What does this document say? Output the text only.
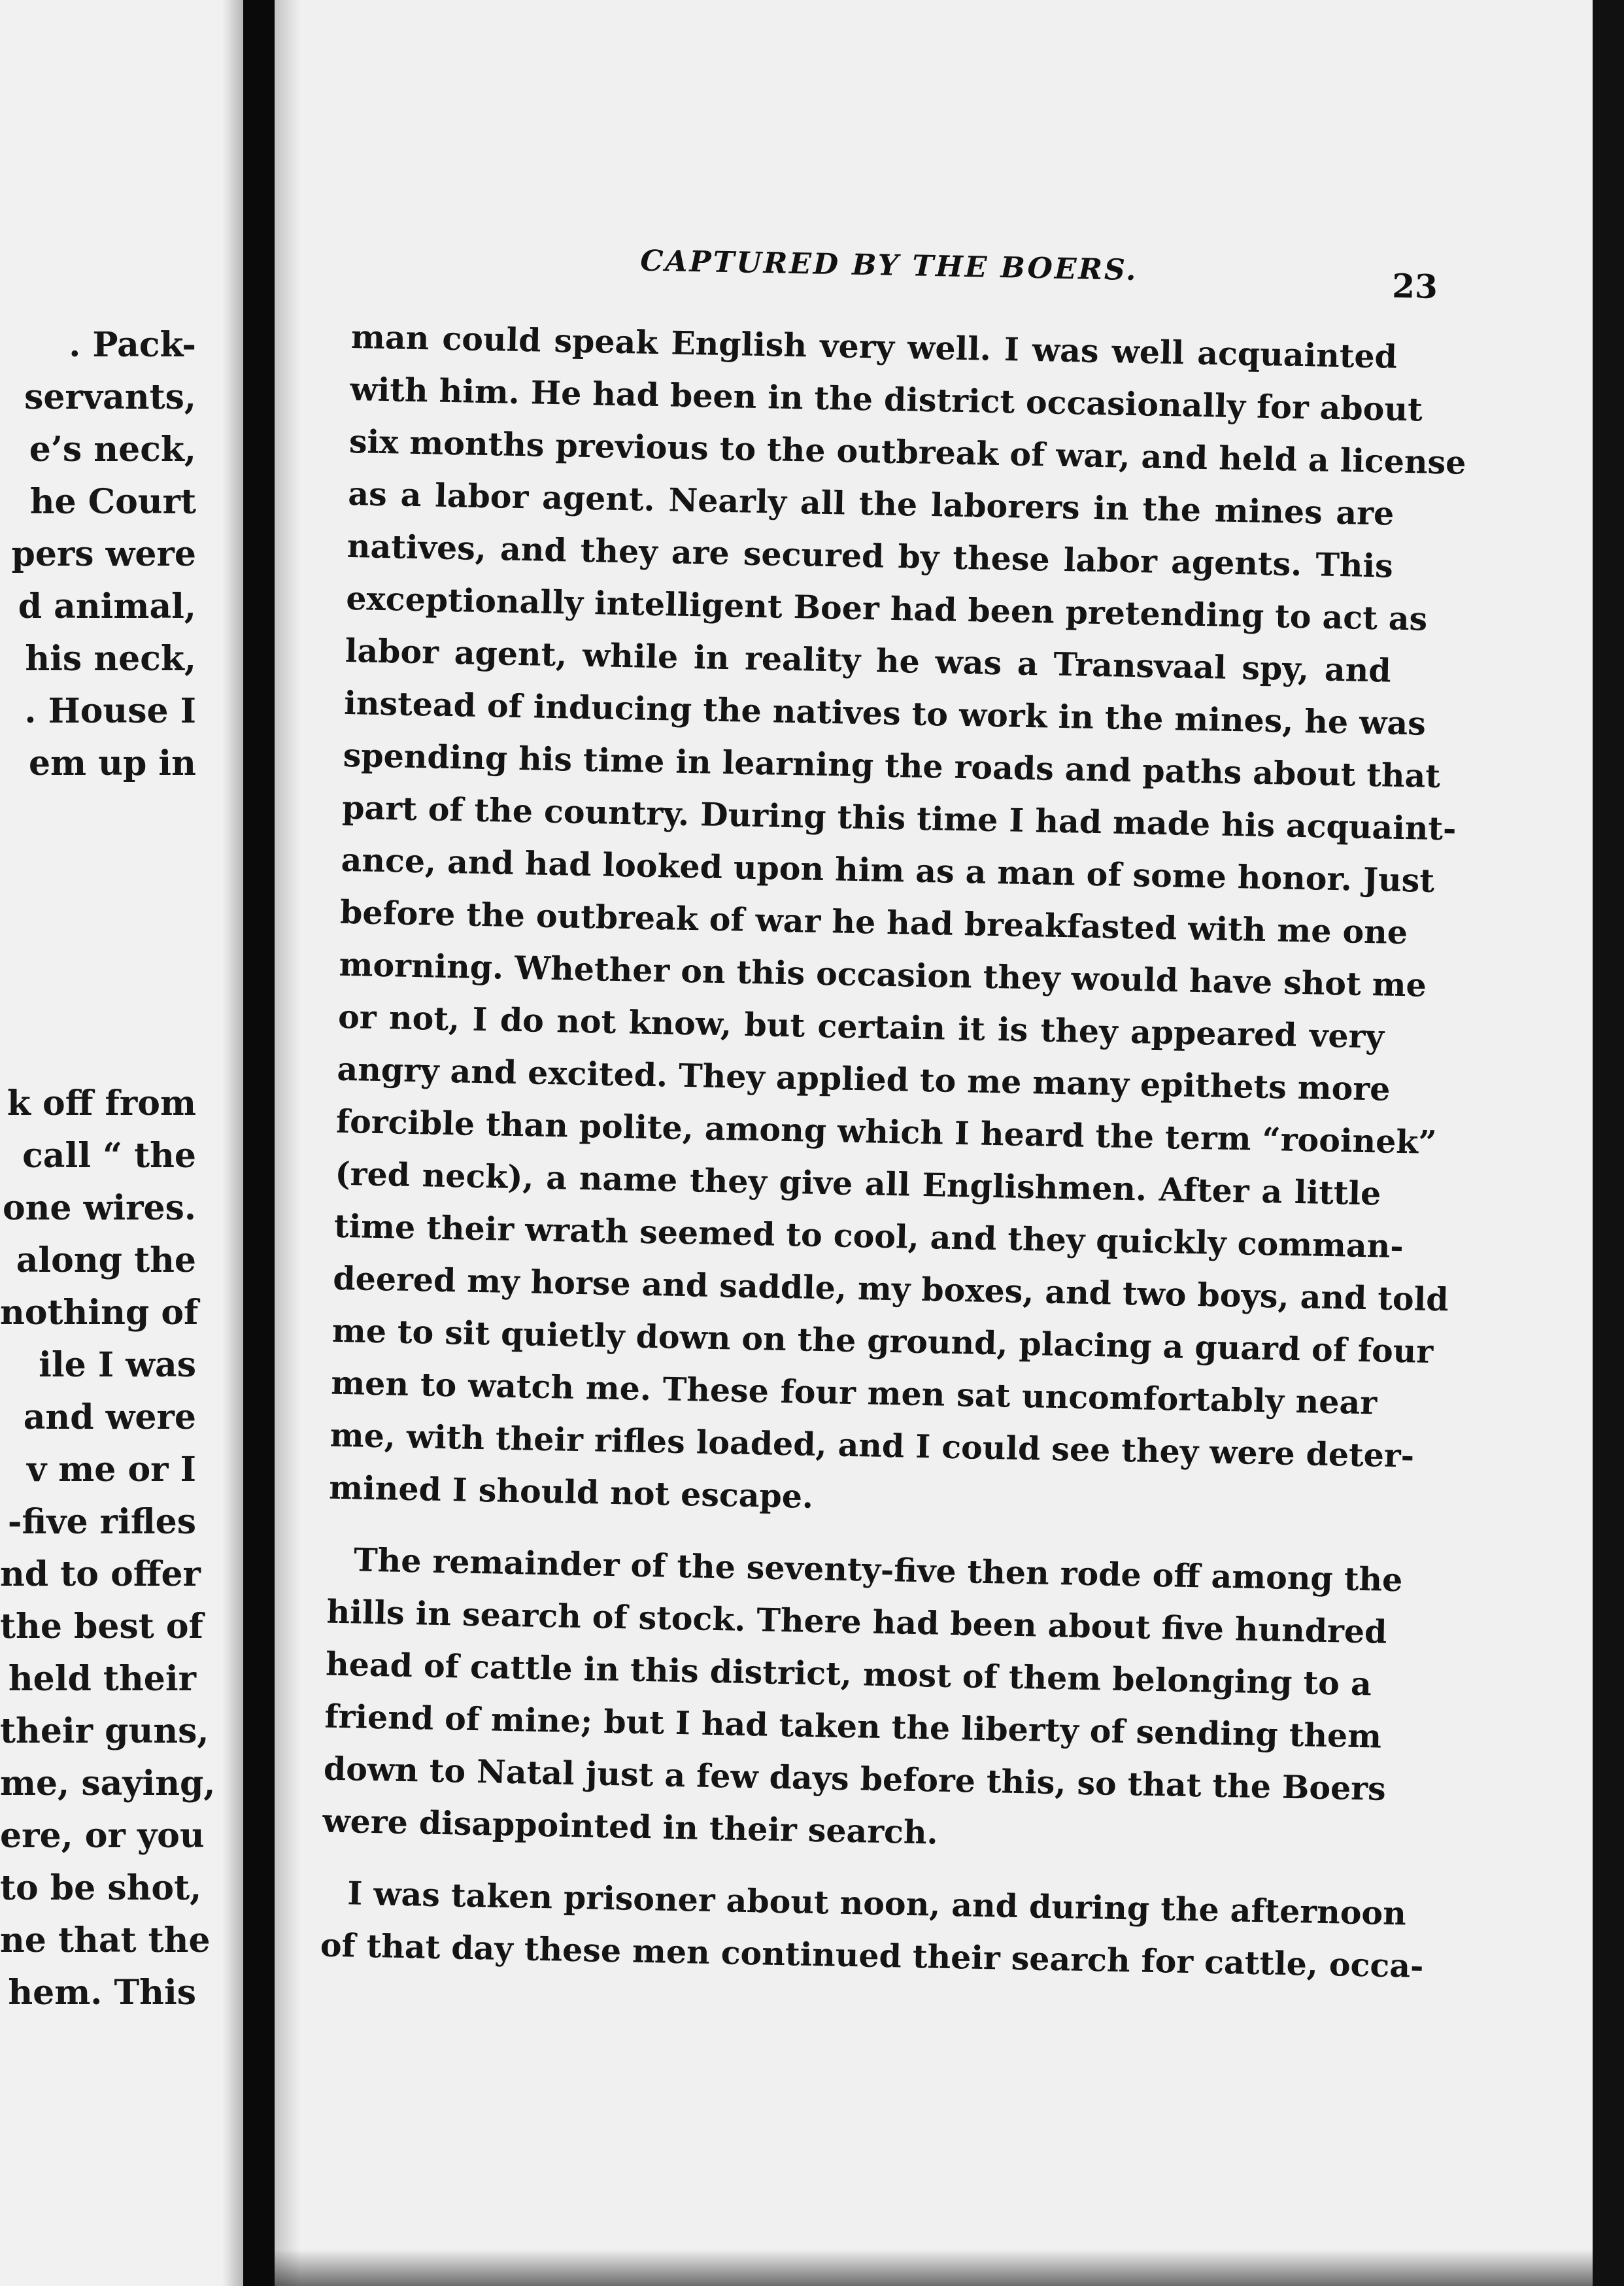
. Pack-
servants,
e’s neck,
he Court
pers were
d animal,
his neck,
. House I
em up in
k off from
call “ the
one wires.
along the
nothing of
ile I was
and were
v me or I
-five rifles
nd to offer
the best of
held their
their guns,
me, saying,
ere, or you
to be shot,
ne that the
hem. This
CAPTURED BY THE BOERS.	23
man could speak English very well. I was well acquainted
with him. He had been in the district occasionally for about
six months previous to the outbreak of war, and held a license
as a labor agent. Nearly all the laborers in the mines are
natives, and they are secured by these labor agents. This
exceptionally intelligent Boer had been pretending to act as
labor agent, while in reality he was a Transvaal spy, and
instead of inducing the natives to work in the mines, he was
spending his time in learning the roads and paths about that
part of the country. During this time I had made his acquaint-
ance, and had looked upon him as a man of some honor. Just
before the outbreak of war he had breakfasted with me one
morning. Whether on this occasion they would have shot me
or not, I do not know, but certain it is they appeared very
angry and excited. They applied to me many epithets more
forcible than polite, among which I heard the term “rooinek”
(red neck), a name they give all Englishmen. After a little
time their wrath seemed to cool, and they quickly comman-
deered my horse and saddle, my boxes, and two boys, and told
me to sit quietly down on the ground, placing a guard of four
men to watch me. These four men sat uncomfortably near
me, with their rifles loaded, and I could see they were deter-
mined I should not escape.
The remainder of the seventy-five then rode off among the
hills in search of stock. There had been about five hundred
head of cattle in this district, most of them belonging to a
friend of mine; but I had taken the liberty of sending them
down to Natal just a few days before this, so that the Boers
were disappointed in their search.
I was taken prisoner about noon, and during the afternoon
of that day these men continued their search for cattle, occa-
